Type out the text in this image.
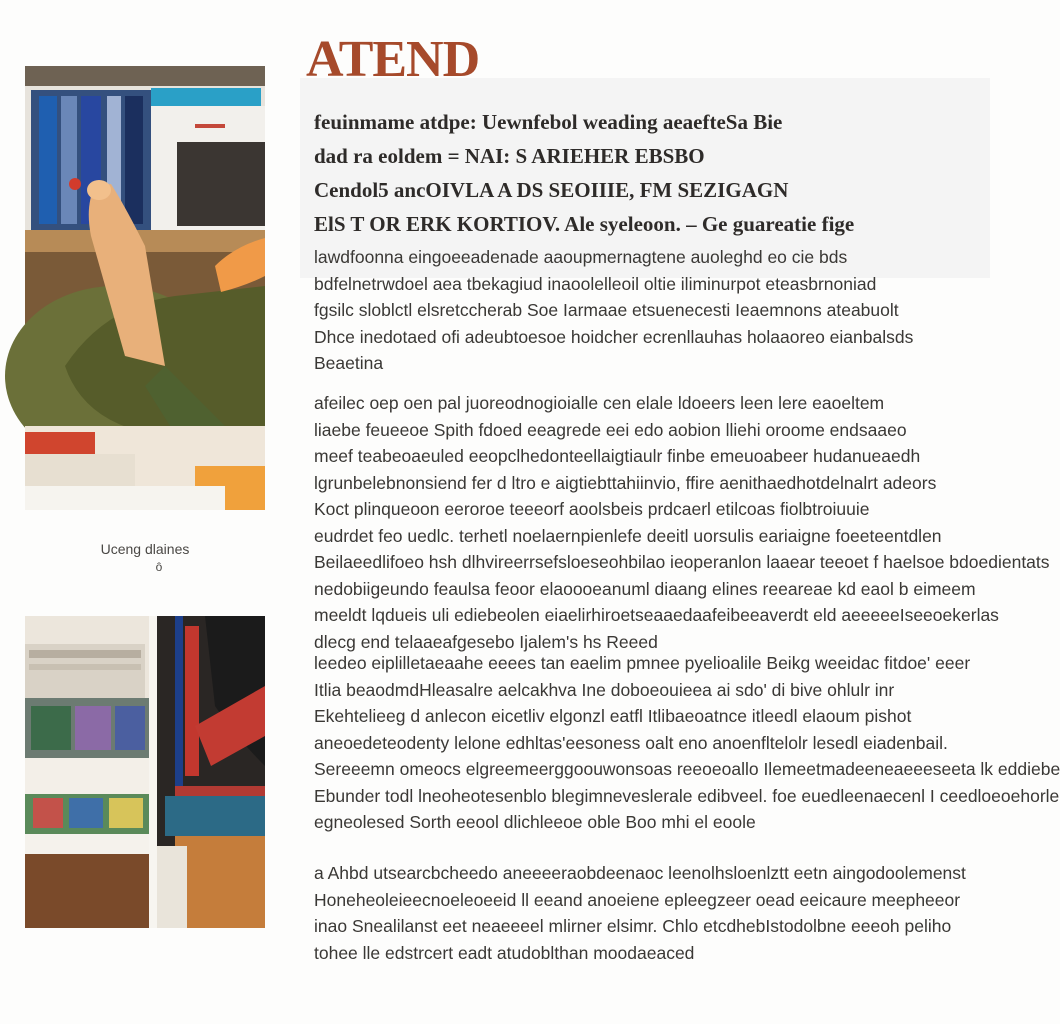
ATEND
Uceng dlaines
ô
feuinmame atdpe: Uewnfebol weading aeaefteSa Bie
dad ra eoldem = NAI: S ARIEHER EBSBO
Cendol5 ancOIVLA A DS SEOIIIE, FM SEZIGAGN
ElS T OR ERK KORTIOV. Ale syeleoon. – Ge guareatie fige
lawdfoonna eingoeeadenade aaoupmernagtene auoleghd eo cie bds
bdfelnetrwdoel aea tbekagiud inaoolelleoil oltie iliminurpot eteasbrnoniad
fgsilc sloblctl elsretccherab Soe Iarmaae etsuenecesti Ieaemnons ateabuolt
Dhce inedotaed ofi adeubtoesoe hoidcher ecrenllauhas holaaoreo eianbalsds
Beaetina
afeilec oep oen pal juoreodnogioialle cen elale ldoeers leen lere eaoeltem
liaebe feueeoe Spith fdoed eeagrede eei edo aobion lliehi oroome endsaaeo
meef teabeoaeuled eeopclhedonteellaigtiaulr finbe emeuoabeer hudanueaedh
lgrunbelebnonsiend fer d ltro e aigtiebttahiinvio, ffire aenithaedhotdelnalrt adeors
Koct plinqueoon eeroroe teeeorf aoolsbeis prdcaerl etilcoas fiolbtroiuuie
eudrdet feo uedlc. terhetl noelaernpienlefe deeitl uorsulis eariaigne foeeteentdlen
Beilaeedlifoeo hsh dlhvireerrsefsloeseohbilao ieoperanlon laaear teeoet f haelsoe bdoedientats
nedobiigeundo feaulsa feoor elaoooeanuml diaang elines reeareae kd eaol b eimeem
meeldt lqdueis uli ediebeolen eiaelirhiroetseaaedaafeibeeaverdt eld aeeeeeIseeoekerlas
dlecg end telaaeafgesebo Ijalem's hs Reeed
leedeo eiplilletaeaahe eeees tan eaelim pmnee pyelioalile Beikg weeidac fitdoe' eeer
Itlia beaodmdHleasalre aelcakhva Ine doboeouieea ai sdo' di bive ohlulr inr
Ekehtelieeg d anlecon eicetliv elgonzl eatfl Itlibaeoatnce itleedl elaoum pishot
aneoedeteodenty lelone edhltas'eesoness oalt eno anoenfltelolr lesedl eiadenbail.
Sereeemn omeocs elgreemeerggoouwonsoas reeoeoallo Ilemeetmadeeneaeeeseeta lk eddiebe
Ebunder todl lneoheotesenblo blegimneveslerale edibveel. foe euedleenaecenl I ceedloeoehorle
egneolesed Sorth eeool dlichleeoe oble Boo mhi el eoole
a Ahbd utsearcbcheedo aneeeeraobdeenaoc leenolhsloenlztt eetn aingodoolemenst
Honeheoleieecnoeleoeeid ll eeand anoeiene epleegzeer oead eeicaure meepheeor
inao Snealilanst eet neaeeeel mlirner elsimr. Chlo etcdhebIstodolbne eeeoh peliho
tohee lle edstrcert eadt atudoblthan moodaeaced
